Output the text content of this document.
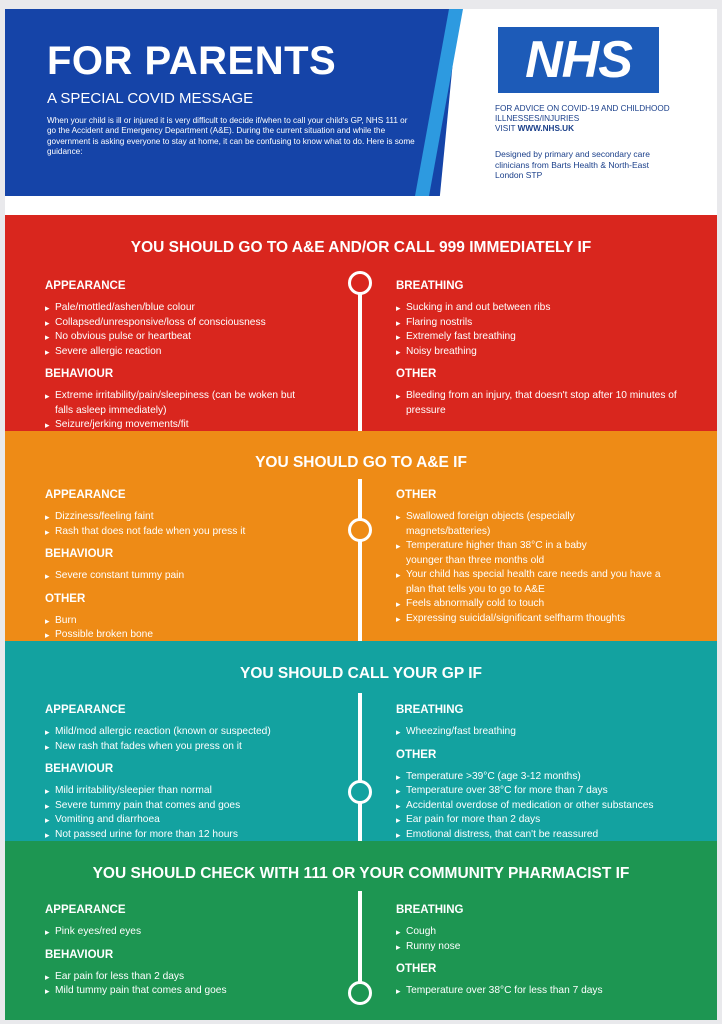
FOR PARENTS

A SPECIAL COVID MESSAGE

When your child is ill or injured it is very difficult to decide if/when to call your child's GP, NHS 111 or go the Accident and Emergency Department (A&E). During the current situation and while the government is asking everyone to stay at home, it can be confusing to know what to do. Here is some guidance:

NHS

FOR ADVICE ON COVID-19 AND CHILDHOOD ILLNESSES/INJURIES
VISIT WWW.NHS.UK

Designed by primary and secondary care clinicians from Barts Health & North-East London STP

YOU SHOULD GO TO A&E AND/OR CALL 999 IMMEDIATELY IF

APPEARANCE

▸ Pale/mottled/ashen/blue colour

▸ Collapsed/unresponsive/loss of consciousness

▸ No obvious pulse or heartbeat

▸ Severe allergic reaction

BEHAVIOUR

▸ Extreme irritability/pain/sleepiness (can be woken but falls asleep immediately)

▸ Seizure/jerking movements/fit

BREATHING

▸ Sucking in and out between ribs

▸ Flaring nostrils

▸ Extremely fast breathing

▸ Noisy breathing

OTHER

▸ Bleeding from an injury, that doesn't stop after 10 minutes of pressure

YOU SHOULD GO TO A&E IF

APPEARANCE

▸ Dizziness/feeling faint

▸ Rash that does not fade when you press it

BEHAVIOUR

▸ Severe constant tummy pain

OTHER

▸ Burn

▸ Possible broken bone

OTHER

▸ Swallowed foreign objects (especially magnets/batteries)

▸ Temperature higher than 38°C in a baby younger than three months old

▸ Your child has special health care needs and you have a plan that tells you to go to A&E

▸ Feels abnormally cold to touch

▸ Expressing suicidal/significant selfharm thoughts

YOU SHOULD CALL YOUR GP IF

APPEARANCE

▸ Mild/mod allergic reaction (known or suspected)

▸ New rash that fades when you press on it

BEHAVIOUR

▸ Mild irritability/sleepier than normal

▸ Severe tummy pain that comes and goes

▸ Vomiting and diarrhoea

▸ Not passed urine for more than 12 hours

BREATHING

▸ Wheezing/fast breathing

OTHER

▸ Temperature >39°C (age 3-12 months)

▸ Temperature over 38°C for more than 7 days

▸ Accidental overdose of medication or other substances

▸ Ear pain for more than 2 days

▸ Emotional distress, that can't be reassured

YOU SHOULD CHECK WITH 111 OR YOUR COMMUNITY PHARMACIST IF

APPEARANCE

▸ Pink eyes/red eyes

BEHAVIOUR

▸ Ear pain for less than 2 days

▸ Mild tummy pain that comes and goes

BREATHING

▸ Cough

▸ Runny nose

OTHER

▸ Temperature over 38°C for less than 7 days
